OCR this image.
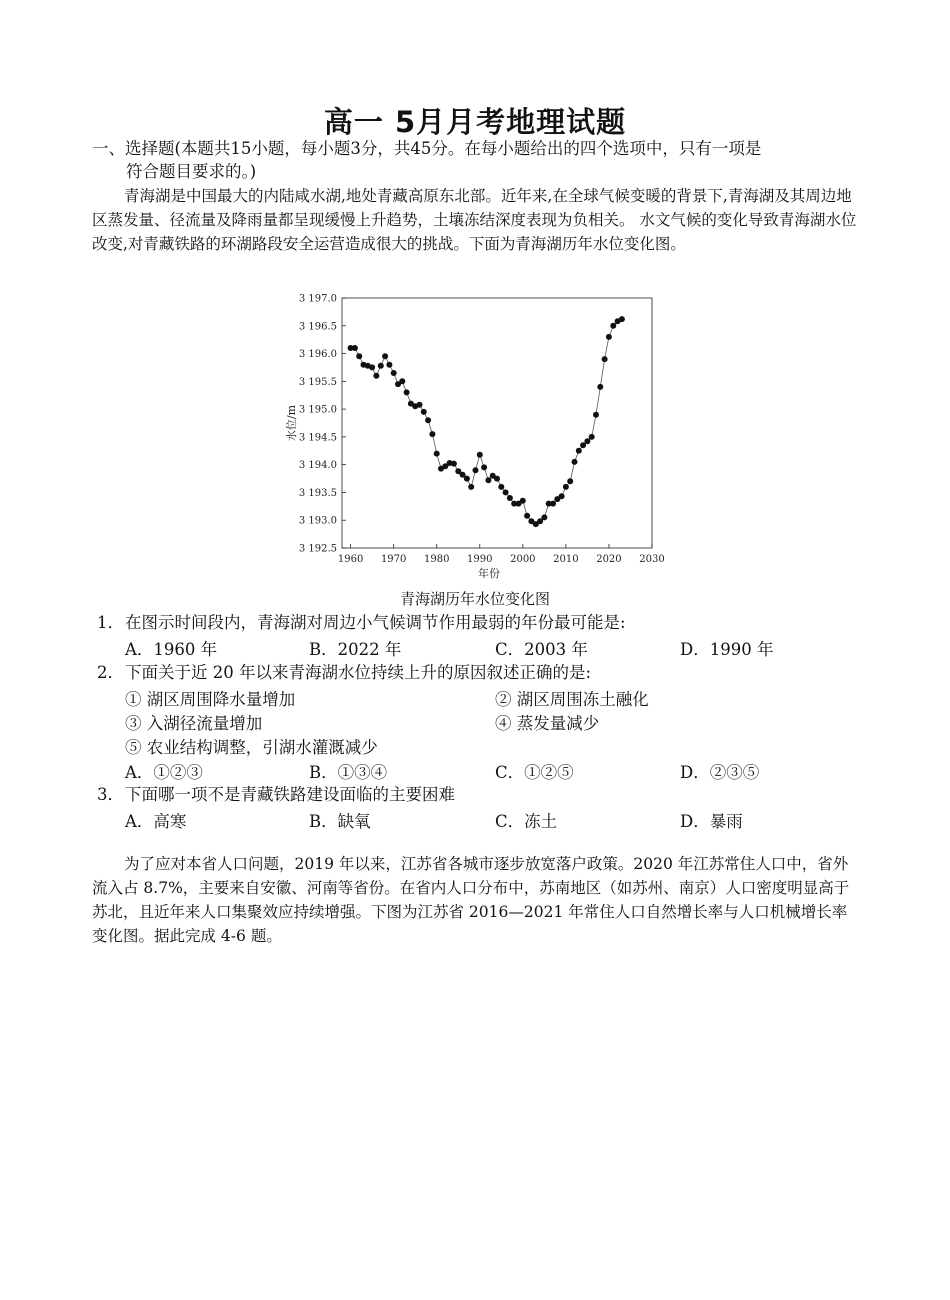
高一 5月月考地理试题
一、选择题(本题共15小题，每小题3分，共45分。在每小题给出的四个选项中，只有一项是
符合题目要求的。)
青海湖是中国最大的内陆咸水湖,地处青藏高原东北部。近年来,在全球气候变暖的背景下,青海湖及其周边地区蒸发量、径流量及降雨量都呈现缓慢上升趋势，土壤冻结深度表现为负相关。 水文气候的变化导致青海湖水位改变,对青藏铁路的环湖路段安全运营造成很大的挑战。下面为青海湖历年水位变化图。
3 192.5
3 193.0
3 193.5
3 194.0
3 194.5
3 195.0
3 195.5
3 196.0
3 196.5
3 197.0
1960 1970 1980 1990 2000 2010 2020 2030
年份
水位/m
青海湖历年水位变化图
1．在图示时间段内，青海湖对周边小气候调节作用最弱的年份最可能是:
A．1960 年	B．2022 年	C．2003 年	D．1990 年
2．下面关于近 20 年以来青海湖水位持续上升的原因叙述正确的是:
① 湖区周围降水量增加	② 湖区周围冻土融化
③ 入湖径流量增加	④ 蒸发量减少
⑤ 农业结构调整，引湖水灌溉减少
A．①②③	B．①③④	C．①②⑤	D．②③⑤
3．下面哪一项不是青藏铁路建设面临的主要困难
A．高寒	B．缺氧	C．冻土	D．暴雨
为了应对本省人口问题，2019 年以来，江苏省各城市逐步放宽落户政策。2020 年江苏常住人口中，省外流入占 8.7%，主要来自安徽、河南等省份。在省内人口分布中，苏南地区（如苏州、南京）人口密度明显高于苏北，且近年来人口集聚效应持续增强。下图为江苏省 2016—2021 年常住人口自然增长率与人口机械增长率变化图。据此完成 4-6 题。
